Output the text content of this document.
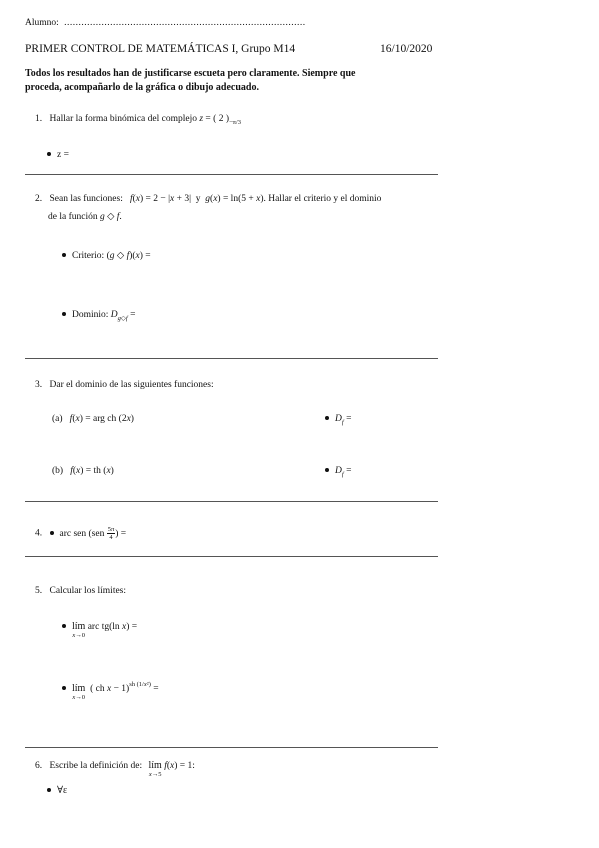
Alumno: ....................................................................................
PRIMER CONTROL DE MATEMÁTICAS I, Grupo M14	16/10/2020
Todos los resultados han de justificarse escueta pero claramente. Siempre que
proceda, acompañarlo de la gráfica o dibujo adecuado.
1. Hallar la forma binómica del complejo z = ( 2 )$_{-\pi/3}$
z =
2. Sean las funciones: f(x) = 2 − |x + 3|  y  g(x) = ln(5 + x). Hallar el criterio y el dominio
de la función g ◇ f.
Criterio: (g ◇ f)(x) =
Dominio: $D_{g◇f}$ =
3. Dar el dominio de las siguientes funciones:
(a) f(x) = arg ch (2x)	$D_f$ =
(b) f(x) = th (x)	$D_f$ =
4. arc sen ($sen \frac{5\pi}{4}$ ) =
5. Calcular los límites:
lím
x→0
arc tg(ln x) =
lím
x→0
( ch x − 1)$^{sh (1/x^2)}$ =
6. Escribe la definición de: lím
x→5
f(x) = 1:
∀ε
